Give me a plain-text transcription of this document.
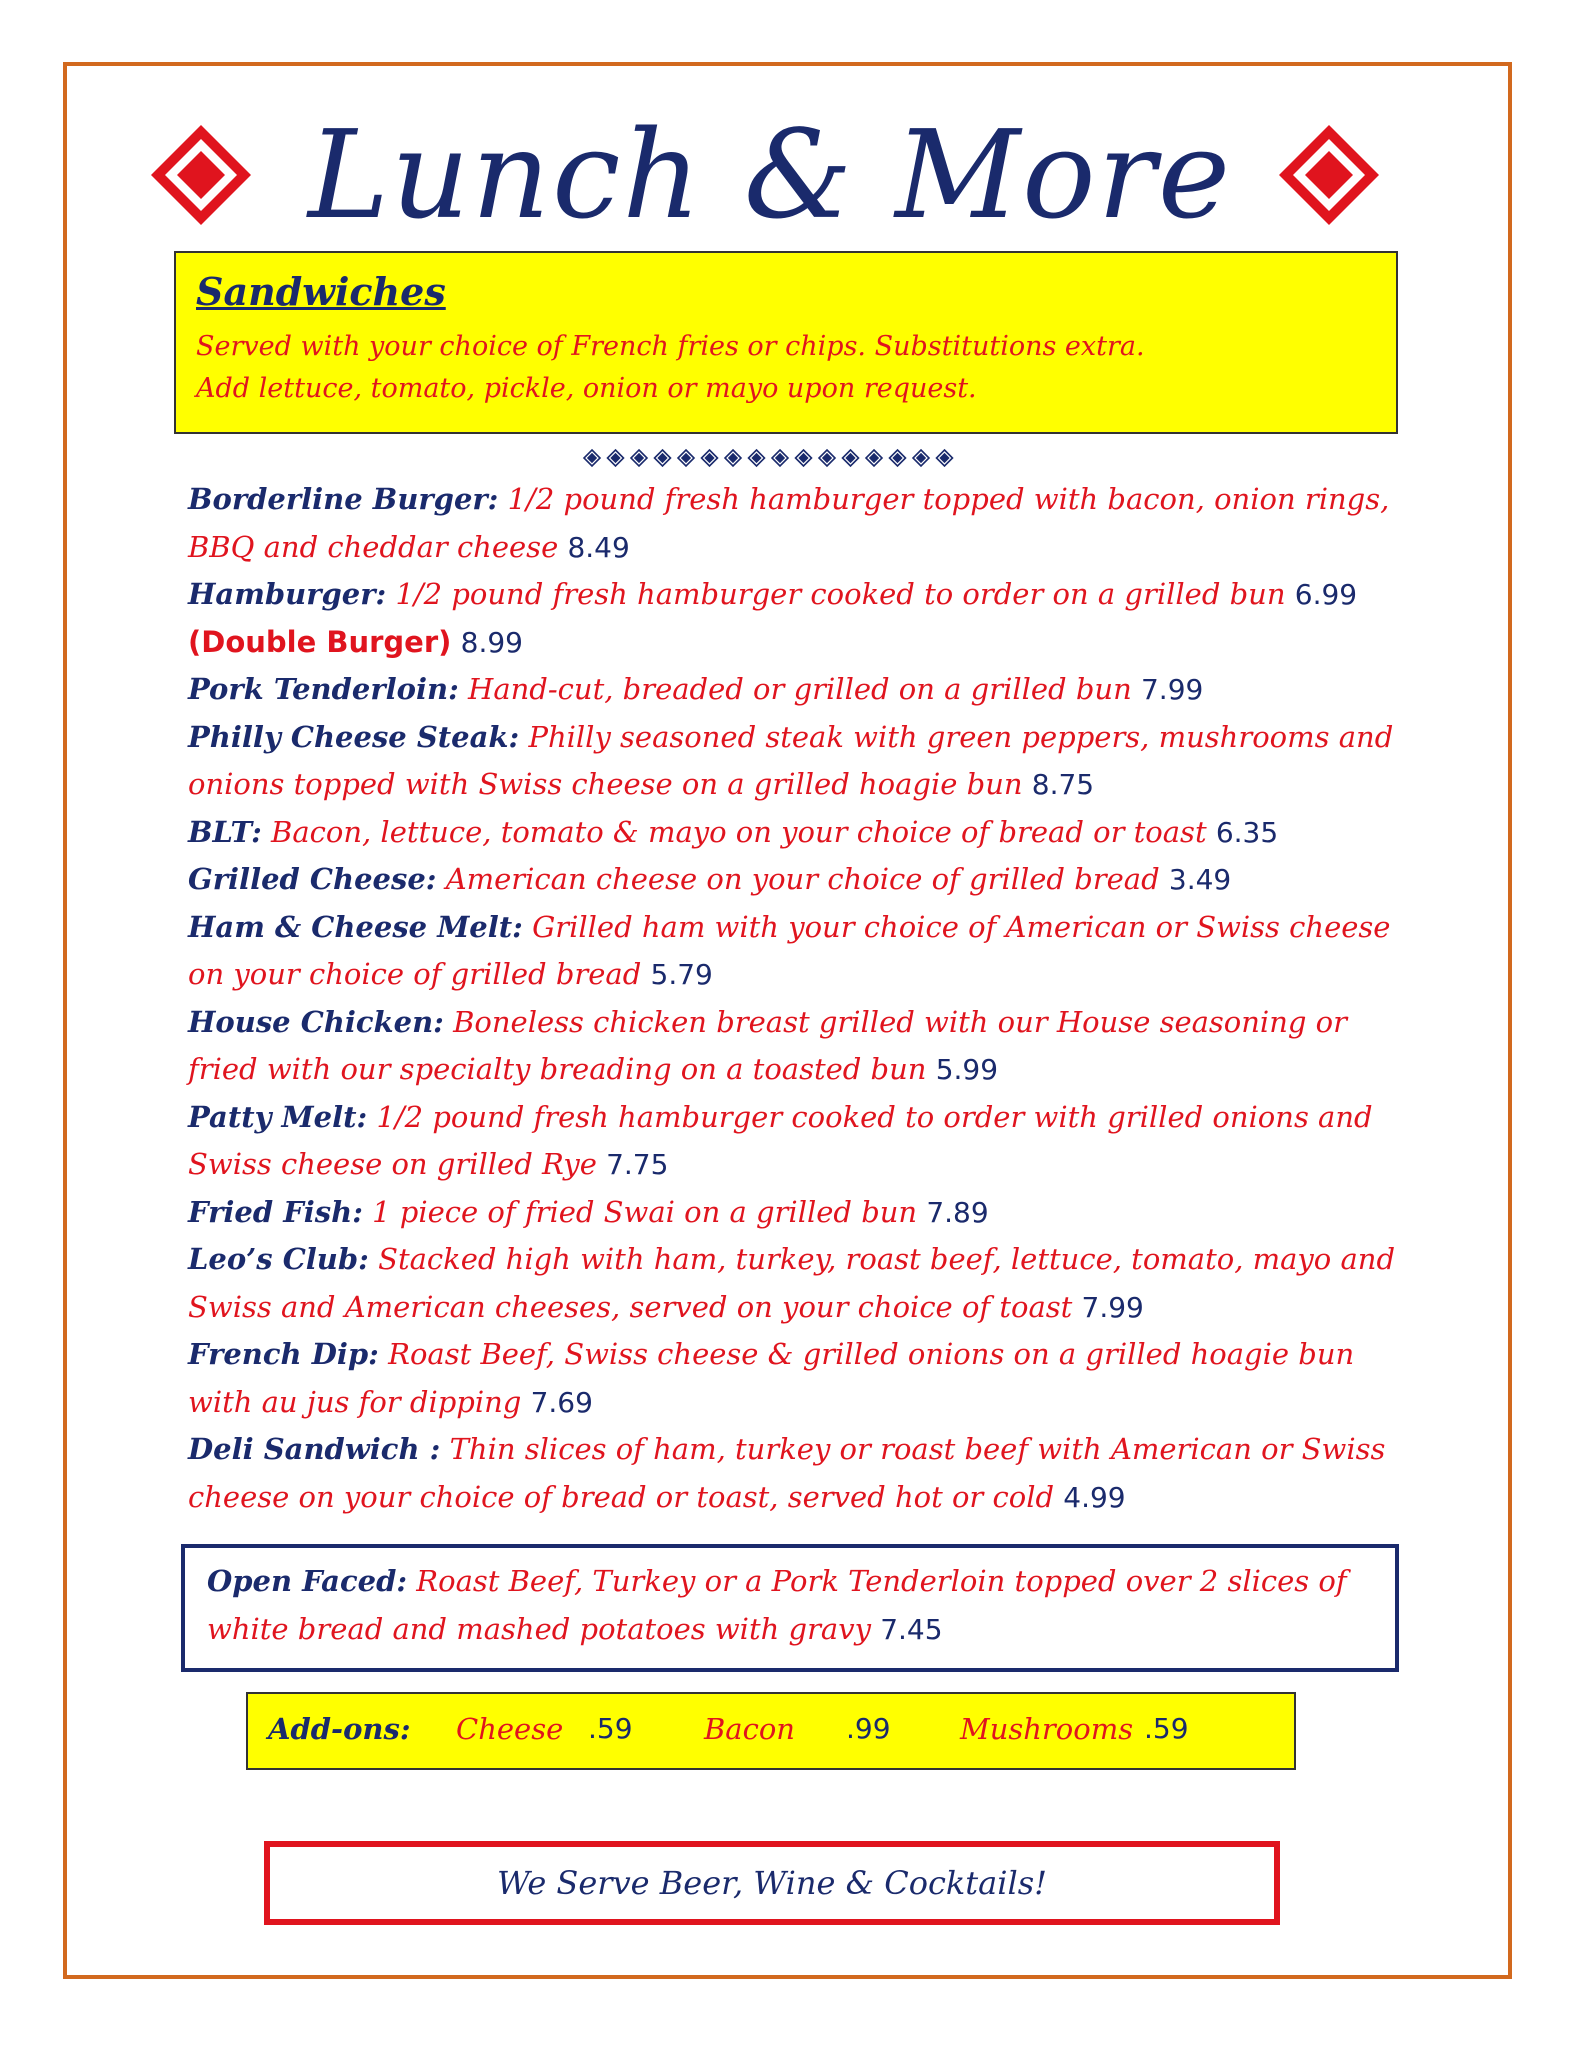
Lunch & More
Sandwiches
Served with your choice of French fries or chips. Substitutions extra.
Add lettuce, tomato, pickle, onion or mayo upon request.

Borderline Burger: 1/2 pound fresh hamburger topped with bacon, onion rings, BBQ and cheddar cheese 8.49

Hamburger: 1/2 pound fresh hamburger cooked to order on a grilled bun 6.99   (Double Burger) 8.99

Pork Tenderloin: Hand-cut, breaded or grilled on a grilled bun 7.99

Philly Cheese Steak: Philly seasoned steak with green peppers, mushrooms and onions topped with Swiss cheese on a grilled hoagie bun 8.75

BLT: Bacon, lettuce, tomato & mayo on your choice of bread or toast 6.35

Grilled Cheese: American cheese on your choice of grilled bread 3.49

Ham & Cheese Melt: Grilled ham with your choice of American or Swiss cheese on your choice of grilled bread 5.79

House Chicken: Boneless chicken breast grilled with our House seasoning or fried with our specialty breading on a toasted bun 5.99

Patty Melt: 1/2 pound fresh hamburger cooked to order with grilled onions and Swiss cheese on grilled Rye 7.75

Fried Fish: 1 piece of fried Swai on a grilled bun 7.89

Leo’s Club: Stacked high with ham, turkey, roast beef, lettuce, tomato, mayo and Swiss and American cheeses, served on your choice of toast 7.99

French Dip: Roast Beef, Swiss cheese & grilled onions on a grilled hoagie bun with au jus for dipping 7.69

Deli Sandwich : Thin slices of ham, turkey or roast beef with American or Swiss cheese on your choice of bread or toast, served hot or cold 4.99

Open Faced: Roast Beef, Turkey or a Pork Tenderloin topped over 2 slices of white bread and mashed potatoes with gravy 7.45

Add-ons: Cheese .59 Bacon .99 Mushrooms .59
We Serve Beer, Wine & Cocktails!
